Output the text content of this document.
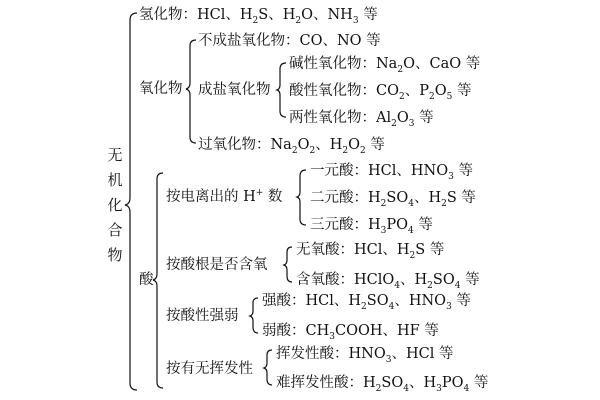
无
机
化
合
物
氢化物：HCl、$H_2S$、$H_2O$、$NH_3$ 等
氧化物
不成盐氧化物：CO、NO 等
成盐氧化物
碱性氧化物：$Na_2O$、CaO 等
酸性氧化物：$CO_2$、$P_2O_5$ 等
两性氧化物：$Al_2O_3$ 等
过氧化物：$Na_2O_2$、$H_2O_2$ 等
酸
按电离出的 H+ 数
一元酸：HCl、$HNO_3$ 等
二元酸：$H_2SO_4$、$H_2S$ 等
三元酸：$H_3PO_4$ 等
按酸根是否含氧
无氧酸：HCl、$H_2S$ 等
含氧酸：HClO$_4$、$H_2SO_4$ 等
按酸性强弱
强酸：HCl、$H_2SO_4$、$HNO_3$ 等
弱酸：$CH_3COOH$、HF 等
按有无挥发性
挥发性酸：$HNO_3$、HCl 等
难挥发性酸：$H_2SO_4$、$H_3PO_4$ 等
